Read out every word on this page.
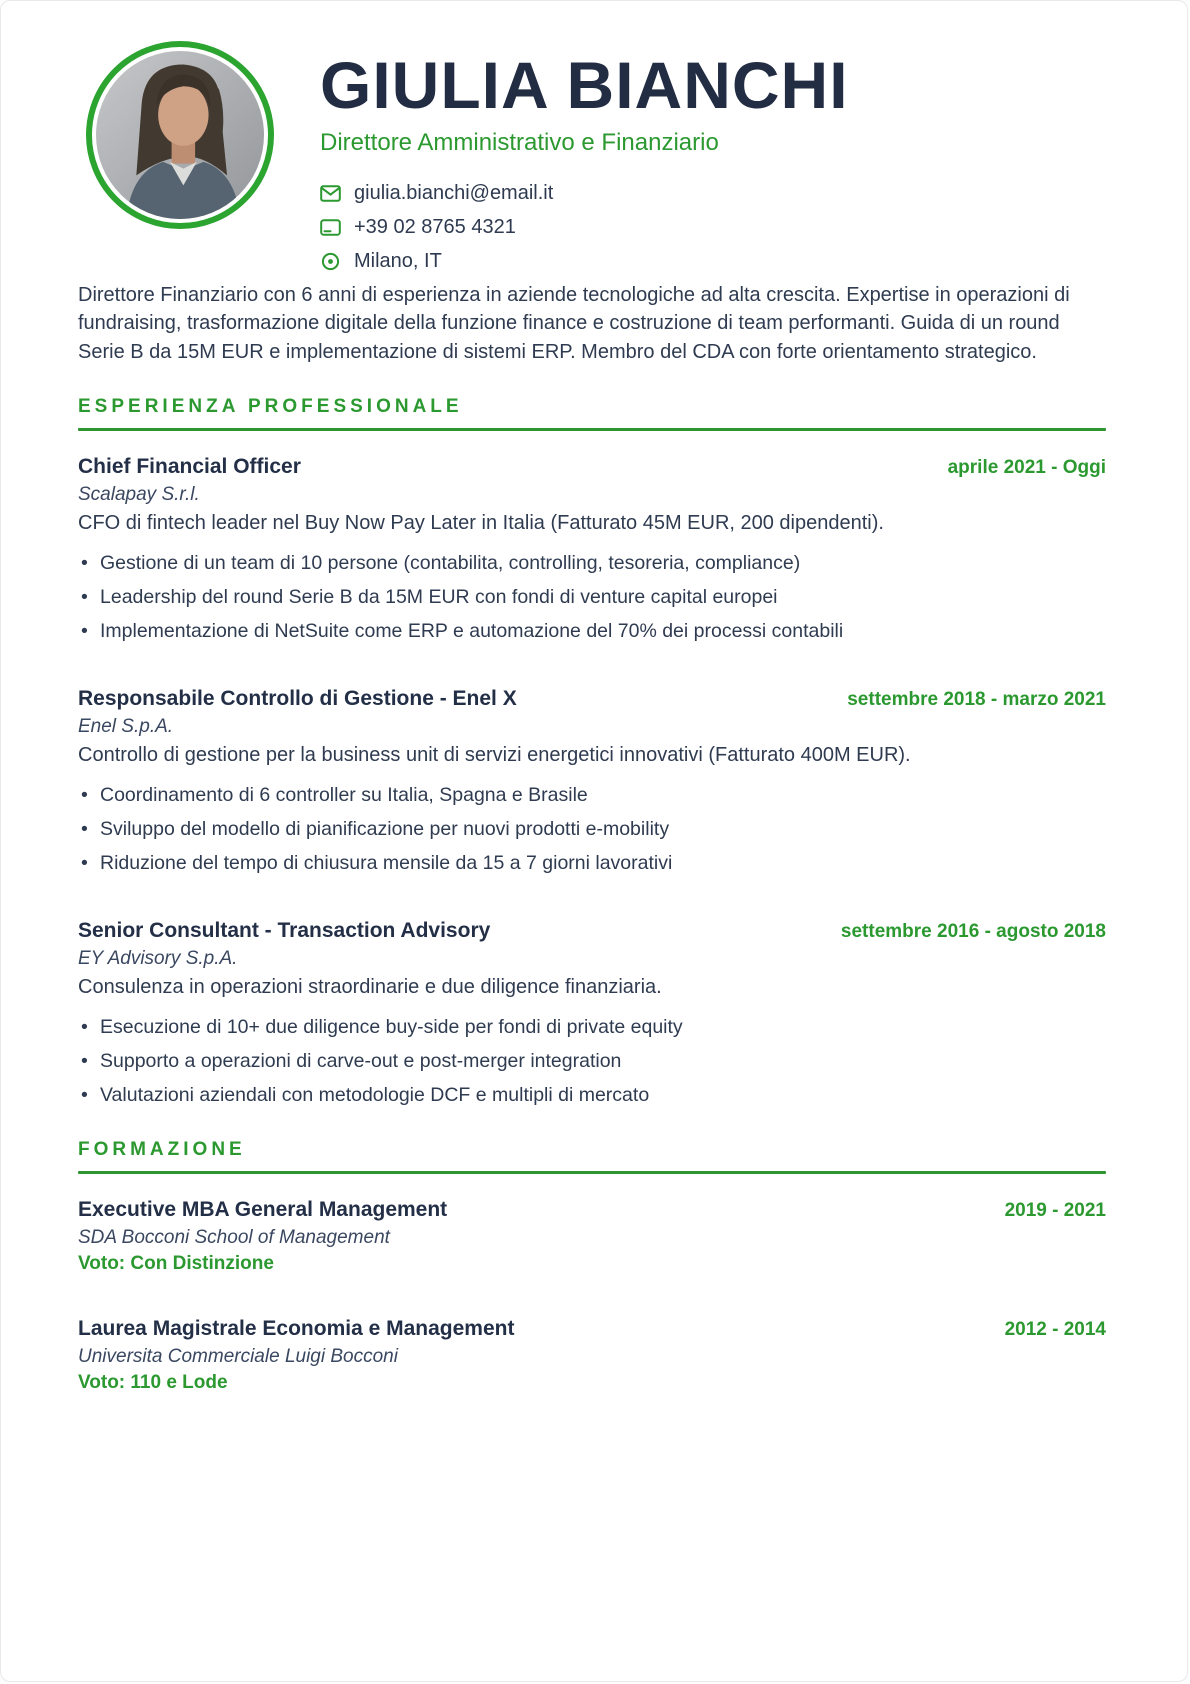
GIULIA BIANCHI
Direttore Amministrativo e Finanziario
giulia.bianchi@email.it
+39 02 8765 4321
Milano, IT
Direttore Finanziario con 6 anni di esperienza in aziende tecnologiche ad alta crescita. Expertise in operazioni di fundraising, trasformazione digitale della funzione finance e costruzione di team performanti. Guida di un round Serie B da 15M EUR e implementazione di sistemi ERP. Membro del CDA con forte orientamento strategico.
ESPERIENZA PROFESSIONALE
Chief Financial Officer	aprile 2021 - Oggi
Scalapay S.r.l.
CFO di fintech leader nel Buy Now Pay Later in Italia (Fatturato 45M EUR, 200 dipendenti).
• Gestione di un team di 10 persone (contabilita, controlling, tesoreria, compliance)
• Leadership del round Serie B da 15M EUR con fondi di venture capital europei
• Implementazione di NetSuite come ERP e automazione del 70% dei processi contabili
Responsabile Controllo di Gestione - Enel X	settembre 2018 - marzo 2021
Enel S.p.A.
Controllo di gestione per la business unit di servizi energetici innovativi (Fatturato 400M EUR).
• Coordinamento di 6 controller su Italia, Spagna e Brasile
• Sviluppo del modello di pianificazione per nuovi prodotti e-mobility
• Riduzione del tempo di chiusura mensile da 15 a 7 giorni lavorativi
Senior Consultant - Transaction Advisory	settembre 2016 - agosto 2018
EY Advisory S.p.A.
Consulenza in operazioni straordinarie e due diligence finanziaria.
• Esecuzione di 10+ due diligence buy-side per fondi di private equity
• Supporto a operazioni di carve-out e post-merger integration
• Valutazioni aziendali con metodologie DCF e multipli di mercato
FORMAZIONE
Executive MBA General Management	2019 - 2021
SDA Bocconi School of Management
Voto: Con Distinzione
Laurea Magistrale Economia e Management	2012 - 2014
Universita Commerciale Luigi Bocconi
Voto: 110 e Lode
